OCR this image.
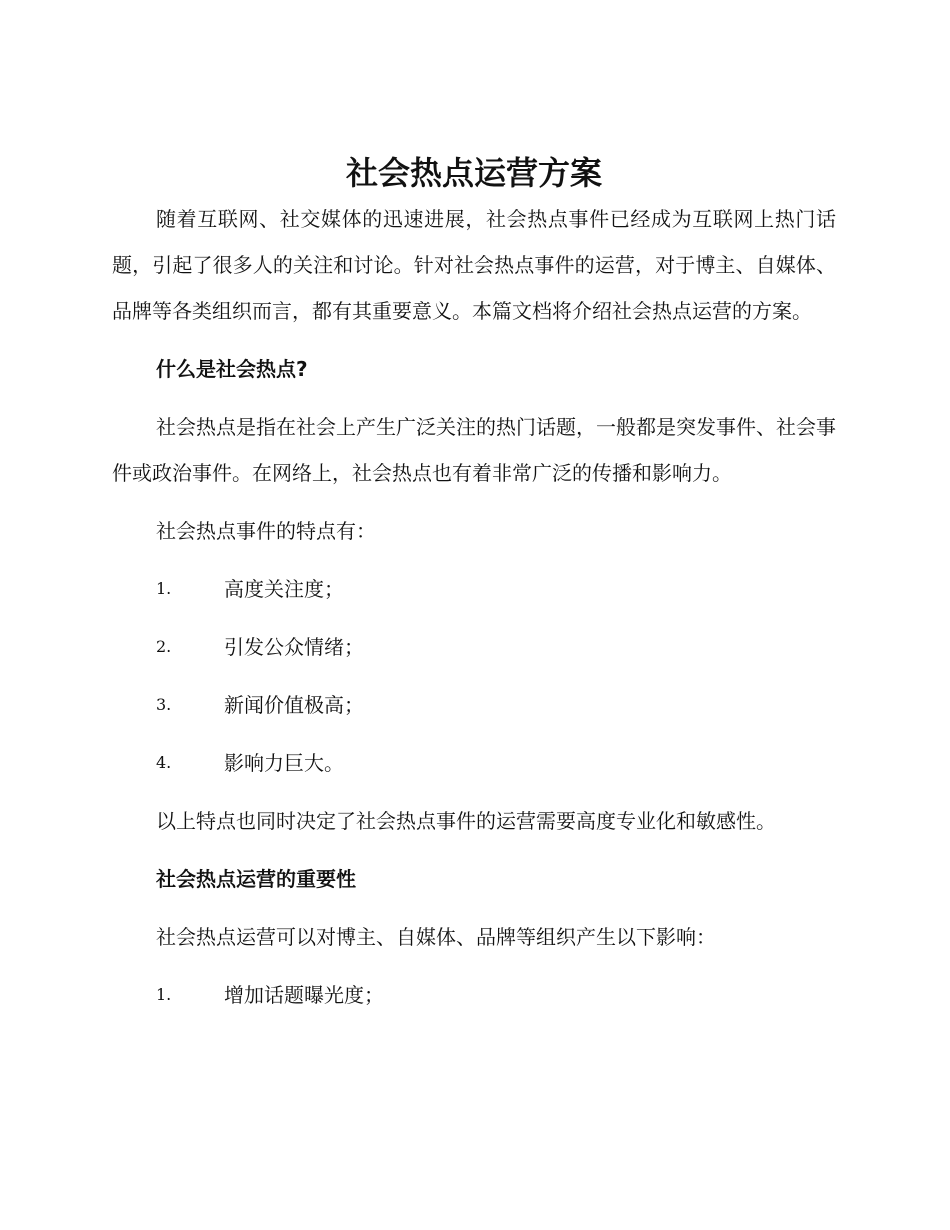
社会热点运营方案

随着互联网、社交媒体的迅速进展，社会热点事件已经成为互联网上热门话题，引起了很多人的关注和讨论。针对社会热点事件的运营，对于博主、自媒体、品牌等各类组织而言，都有其重要意义。本篇文档将介绍社会热点运营的方案。

什么是社会热点?

社会热点是指在社会上产生广泛关注的热门话题，一般都是突发事件、社会事件或政治事件。在网络上，社会热点也有着非常广泛的传播和影响力。

社会热点事件的特点有：

1.	高度关注度；
2.	引发公众情绪；
3.	新闻价值极高；
4.	影响力巨大。

以上特点也同时决定了社会热点事件的运营需要高度专业化和敏感性。

社会热点运营的重要性

社会热点运营可以对博主、自媒体、品牌等组织产生以下影响：

1.	增加话题曝光度；
